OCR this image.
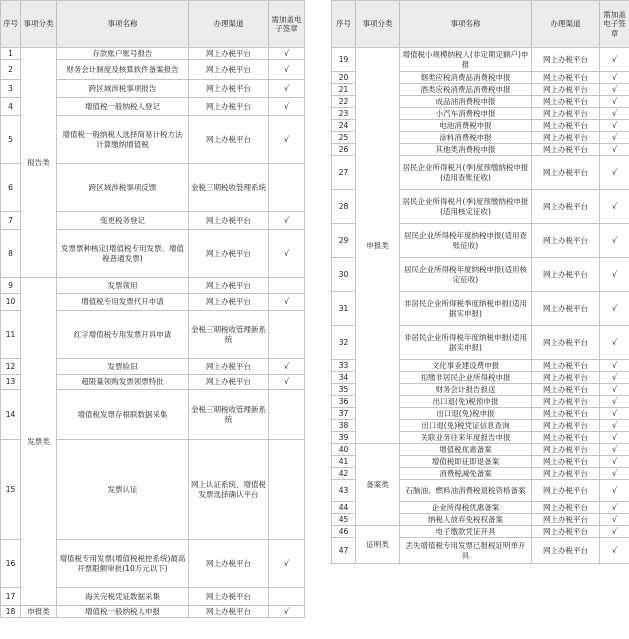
序号	事项分类	事项名称	办理渠道	需加盖电子签章
1	报告类	存款账户账号报告	网上办税平台	√
2		财务会计制度及核算软件备案报告	网上办税平台	√
3		跨区域涉税事项报告	网上办税平台	√
4		增值税一般纳税人登记	网上办税平台	√
5		增值税一般纳税人选择简易计税方法计算缴纳增值税	网上办税平台	√
6		跨区域涉税事项反馈	金税三期税收管理系统	
7		变更税务登记	网上办税平台	√
8		发票票种核定(增值税专用发票、增值税普通发票)	网上办税平台	√
9	发票类	发票领用	网上办税平台	
10		增值税专用发票代开申请	网上办税平台	√
11		红字增值税专用发票开具申请	金税三期税收管理新系统	
12		发票验旧	网上办税平台	√
13		超限量领购发票领票特批	网上办税平台	√
14		增值税发票存根联数据采集	金税三期税收管理新系统	
15		发票认证	网上认证系统、增值税发票选择确认平台	
16		增值税专用发票(增值税税控系统)最高开票限额审批(10万元以下)	网上办税平台	√
17		海关完税凭证数据采集	网上办税平台	
18	申报类	增值税一般纳税人申报	网上办税平台	√
序号	事项分类	事项名称	办理渠道	需加盖电子签章
19	申报类	增值税小规模纳税人(非定期定额户)申报	网上办税平台	√
20		烟类应税消费品消费税申报	网上办税平台	√
21		酒类应税消费品消费税申报	网上办税平台	√
22		成品油消费税申报	网上办税平台	√
23		小汽车消费税申报	网上办税平台	√
24		电池消费税申报	网上办税平台	√
25		涂料消费税申报	网上办税平台	√
26		其他类消费税申报	网上办税平台	√
27		居民企业所得税月(季)度预缴纳税申报(适用查账征收)	网上办税平台	√
28		居民企业所得税月(季)度预缴纳税申报(适用核定征收)	网上办税平台	√
29		居民企业所得税年度纳税申报(适用查账征收)	网上办税平台	√
30		居民企业所得税年度纳税申报(适用核定征收)	网上办税平台	√
31		非居民企业所得税季度纳税申报(适用据实申报)	网上办税平台	√
32		非居民企业所得税年度纳税申报(适用据实申报)	网上办税平台	√
33		文化事业建设费申报	网上办税平台	√
34		扣缴非居民企业所得税申报	网上办税平台	√
35		财务会计报告报送	网上办税平台	√
36		出口退(免)税预申报	网上办税平台	√
37		出口退(免)税申报	网上办税平台	√
38		出口退(免)税凭证信息查询	网上办税平台	√
39		关联业务往来年度报告申报	网上办税平台	√
40	备案类	增值税优惠备案	网上办税平台	√
41		增值税即征即退备案	网上办税平台	√
42		消费税减免备案	网上办税平台	√
43		石脑油、燃料油消费税退税资格备案	网上办税平台	√
44		企业所得税优惠备案	网上办税平台	√
45		纳税人放弃免税权备案	网上办税平台	√
46	证明类	电子缴款凭证开具	网上办税平台	√
47		丢失增值税专用发票已报税证明单开具	网上办税平台	√
